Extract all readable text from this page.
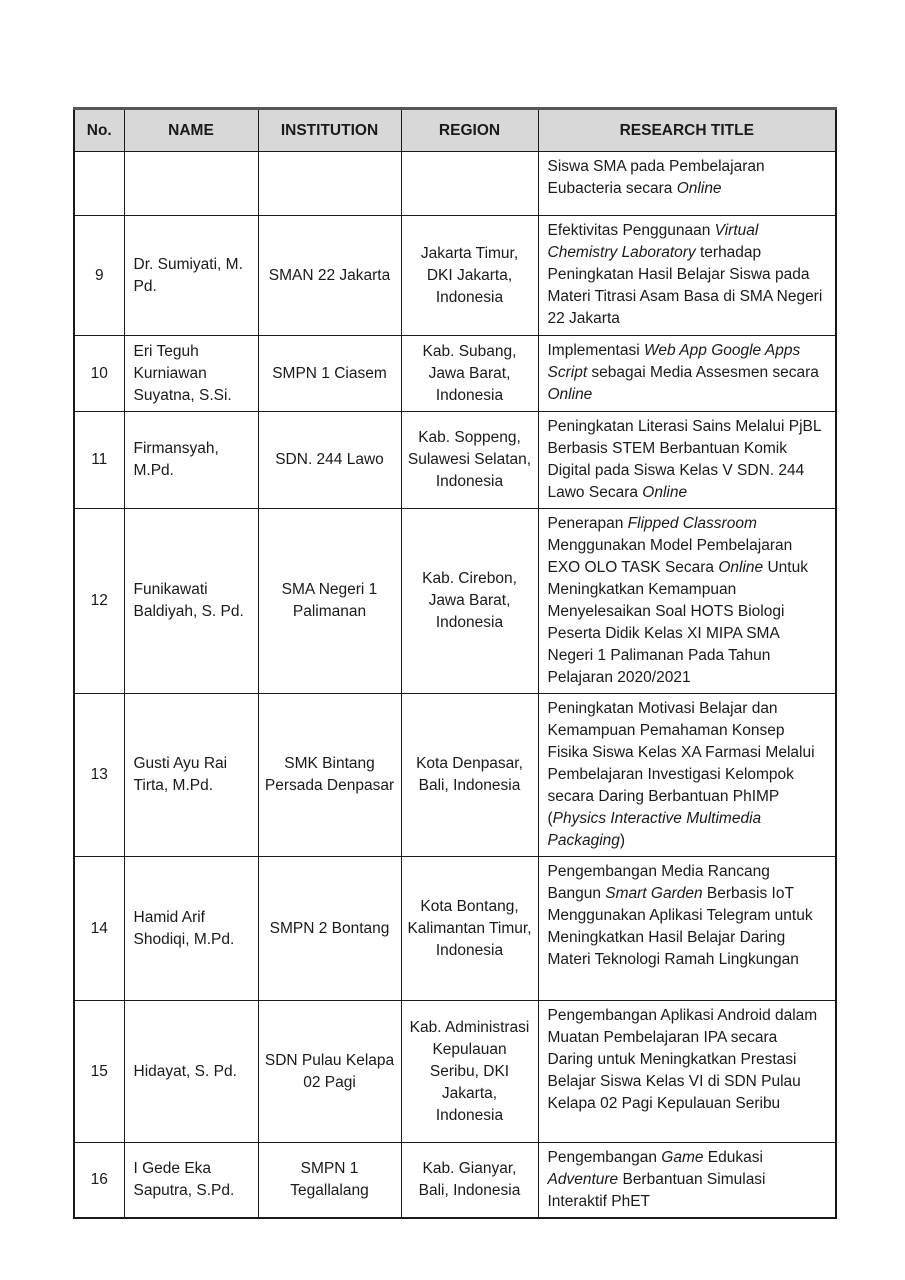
No.	NAME	INSTITUTION	REGION	RESEARCH TITLE
				Siswa SMA pada Pembelajaran Eubacteria secara Online
9	Dr. Sumiyati, M. Pd.	SMAN 22 Jakarta	Jakarta Timur, DKI Jakarta, Indonesia	Efektivitas Penggunaan Virtual Chemistry Laboratory terhadap Peningkatan Hasil Belajar Siswa pada Materi Titrasi Asam Basa di SMA Negeri 22 Jakarta
10	Eri Teguh Kurniawan Suyatna, S.Si.	SMPN 1 Ciasem	Kab. Subang, Jawa Barat, Indonesia	Implementasi Web App Google Apps Script sebagai Media Assesmen secara Online
11	Firmansyah, M.Pd.	SDN. 244 Lawo	Kab. Soppeng, Sulawesi Selatan, Indonesia	Peningkatan Literasi Sains Melalui PjBL Berbasis STEM Berbantuan Komik Digital pada Siswa Kelas V SDN. 244 Lawo Secara Online
12	Funikawati Baldiyah, S. Pd.	SMA Negeri 1 Palimanan	Kab. Cirebon, Jawa Barat, Indonesia	Penerapan Flipped Classroom Menggunakan Model Pembelajaran EXO OLO TASK Secara Online Untuk Meningkatkan Kemampuan Menyelesaikan Soal HOTS Biologi Peserta Didik Kelas XI MIPA SMA Negeri 1 Palimanan Pada Tahun Pelajaran 2020/2021
13	Gusti Ayu Rai Tirta, M.Pd.	SMK Bintang Persada Denpasar	Kota Denpasar, Bali, Indonesia	Peningkatan Motivasi Belajar dan Kemampuan Pemahaman Konsep Fisika Siswa Kelas XA Farmasi Melalui Pembelajaran Investigasi Kelompok secara Daring Berbantuan PhIMP (Physics Interactive Multimedia Packaging)
14	Hamid Arif Shodiqi, M.Pd.	SMPN 2 Bontang	Kota Bontang, Kalimantan Timur, Indonesia	Pengembangan Media Rancang Bangun Smart Garden Berbasis IoT Menggunakan Aplikasi Telegram untuk Meningkatkan Hasil Belajar Daring Materi Teknologi Ramah Lingkungan
15	Hidayat, S. Pd.	SDN Pulau Kelapa 02 Pagi	Kab. Administrasi Kepulauan Seribu, DKI Jakarta, Indonesia	Pengembangan Aplikasi Android dalam Muatan Pembelajaran IPA secara Daring untuk Meningkatkan Prestasi Belajar Siswa Kelas VI di SDN Pulau Kelapa 02 Pagi Kepulauan Seribu
16	I Gede Eka Saputra, S.Pd.	SMPN 1 Tegallalang	Kab. Gianyar, Bali, Indonesia	Pengembangan Game Edukasi Adventure Berbantuan Simulasi Interaktif PhET
